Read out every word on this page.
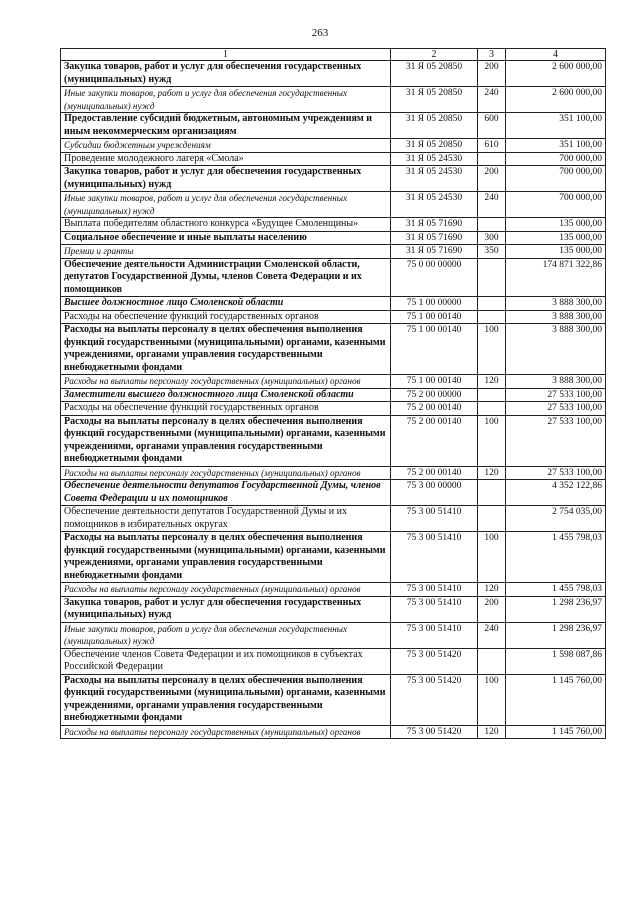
263
1	2	3	4
Закупка товаров, работ и услуг для обеспечения государственных (муниципальных) нужд	31 Я 05 20850	200	2 600 000,00
Иные закупки товаров, работ и услуг для обеспечения государственных (муниципальных) нужд	31 Я 05 20850	240	2 600 000,00
Предоставление субсидий бюджетным, автономным учреждениям и иным некоммерческим организациям	31 Я 05 20850	600	351 100,00
Субсидии бюджетным учреждениям	31 Я 05 20850	610	351 100,00
Проведение молодежного лагеря «Смола»	31 Я 05 24530		700 000,00
Закупка товаров, работ и услуг для обеспечения государственных (муниципальных) нужд	31 Я 05 24530	200	700 000,00
Иные закупки товаров, работ и услуг для обеспечения государственных (муниципальных) нужд	31 Я 05 24530	240	700 000,00
Выплата победителям областного конкурса «Будущее Смоленщины»	31 Я 05 71690		135 000,00
Социальное обеспечение и иные выплаты населению	31 Я 05 71690	300	135 000,00
Премии и гранты	31 Я 05 71690	350	135 000,00
Обеспечение деятельности Администрации Смоленской области, депутатов Государственной Думы, членов Совета Федерации и их помощников	75 0 00 00000		174 871 322,86
Высшее должностное лицо Смоленской области	75 1 00 00000		3 888 300,00
Расходы на обеспечение функций государственных органов	75 1 00 00140		3 888 300,00
Расходы на выплаты персоналу в целях обеспечения выполнения функций государственными (муниципальными) органами, казенными учреждениями, органами управления государственными внебюджетными фондами	75 1 00 00140	100	3 888 300,00
Расходы на выплаты персоналу государственных (муниципальных) органов	75 1 00 00140	120	3 888 300,00
Заместители высшего должностного лица Смоленской области	75 2 00 00000		27 533 100,00
Расходы на обеспечение функций государственных органов	75 2 00 00140		27 533 100,00
Расходы на выплаты персоналу в целях обеспечения выполнения функций государственными (муниципальными) органами, казенными учреждениями, органами управления государственными внебюджетными фондами	75 2 00 00140	100	27 533 100,00
Расходы на выплаты персоналу государственных (муниципальных) органов	75 2 00 00140	120	27 533 100,00
Обеспечение деятельности депутатов Государственной Думы, членов Совета Федерации и их помощников	75 3 00 00000		4 352 122,86
Обеспечение деятельности депутатов Государственной Думы и их помощников в избирательных округах	75 3 00 51410		2 754 035,00
Расходы на выплаты персоналу в целях обеспечения выполнения функций государственными (муниципальными) органами, казенными учреждениями, органами управления государственными внебюджетными фондами	75 3 00 51410	100	1 455 798,03
Расходы на выплаты персоналу государственных (муниципальных) органов	75 3 00 51410	120	1 455 798,03
Закупка товаров, работ и услуг для обеспечения государственных (муниципальных) нужд	75 3 00 51410	200	1 298 236,97
Иные закупки товаров, работ и услуг для обеспечения государственных (муниципальных) нужд	75 3 00 51410	240	1 298 236,97
Обеспечение членов Совета Федерации и их помощников в субъектах Российской Федерации	75 3 00 51420		1 598 087,86
Расходы на выплаты персоналу в целях обеспечения выполнения функций государственными (муниципальными) органами, казенными учреждениями, органами управления государственными внебюджетными фондами	75 3 00 51420	100	1 145 760,00
Расходы на выплаты персоналу государственных (муниципальных) органов	75 3 00 51420	120	1 145 760,00
